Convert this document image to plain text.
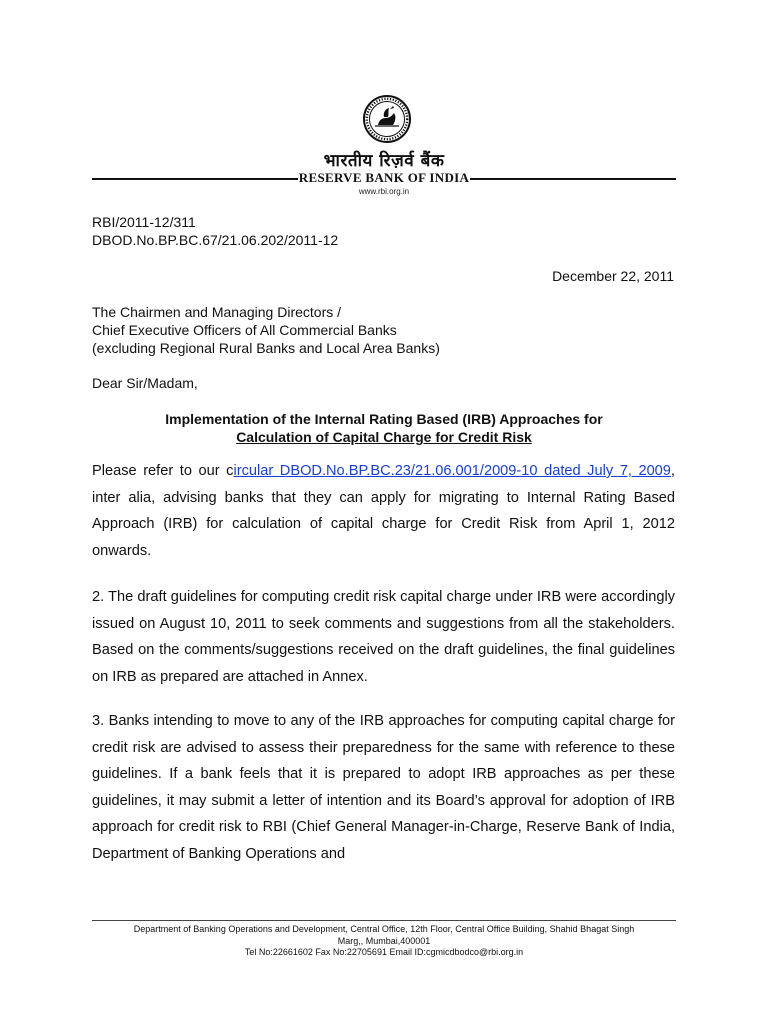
भारतीय रिज़र्व बैंक
RESERVE BANK OF INDIA
www.rbi.org.in
RBI/2011-12/311
DBOD.No.BP.BC.67/21.06.202/2011-12
December 22, 2011
The Chairmen and Managing Directors /
Chief Executive Officers of All Commercial Banks
(excluding Regional Rural Banks and Local Area Banks)
Dear Sir/Madam,
Implementation of the Internal Rating Based (IRB) Approaches for
Calculation of Capital Charge for Credit Risk

Please refer to our circular DBOD.No.BP.BC.23/21.06.001/2009-10 dated July 7, 2009, inter alia, advising banks that they can apply for migrating to Internal Rating Based Approach (IRB) for calculation of capital charge for Credit Risk from April 1, 2012 onwards.

2. The draft guidelines for computing credit risk capital charge under IRB were accordingly issued on August 10, 2011 to seek comments and suggestions from all the stakeholders. Based on the comments/suggestions received on the draft guidelines, the final guidelines on IRB as prepared are attached in Annex.

3. Banks intending to move to any of the IRB approaches for computing capital charge for credit risk are advised to assess their preparedness for the same with reference to these guidelines. If a bank feels that it is prepared to adopt IRB approaches as per these guidelines, it may submit a letter of intention and its Board’s approval for adoption of IRB approach for credit risk to RBI (Chief General Manager-in-Charge, Reserve Bank of India, Department of Banking Operations and

Department of Banking Operations and Development, Central Office, 12th Floor, Central Office Building, Shahid Bhagat Singh
Marg,, Mumbai,400001
Tel No:22661602 Fax No:22705691 Email ID:cgmicdbodco@rbi.org.in
